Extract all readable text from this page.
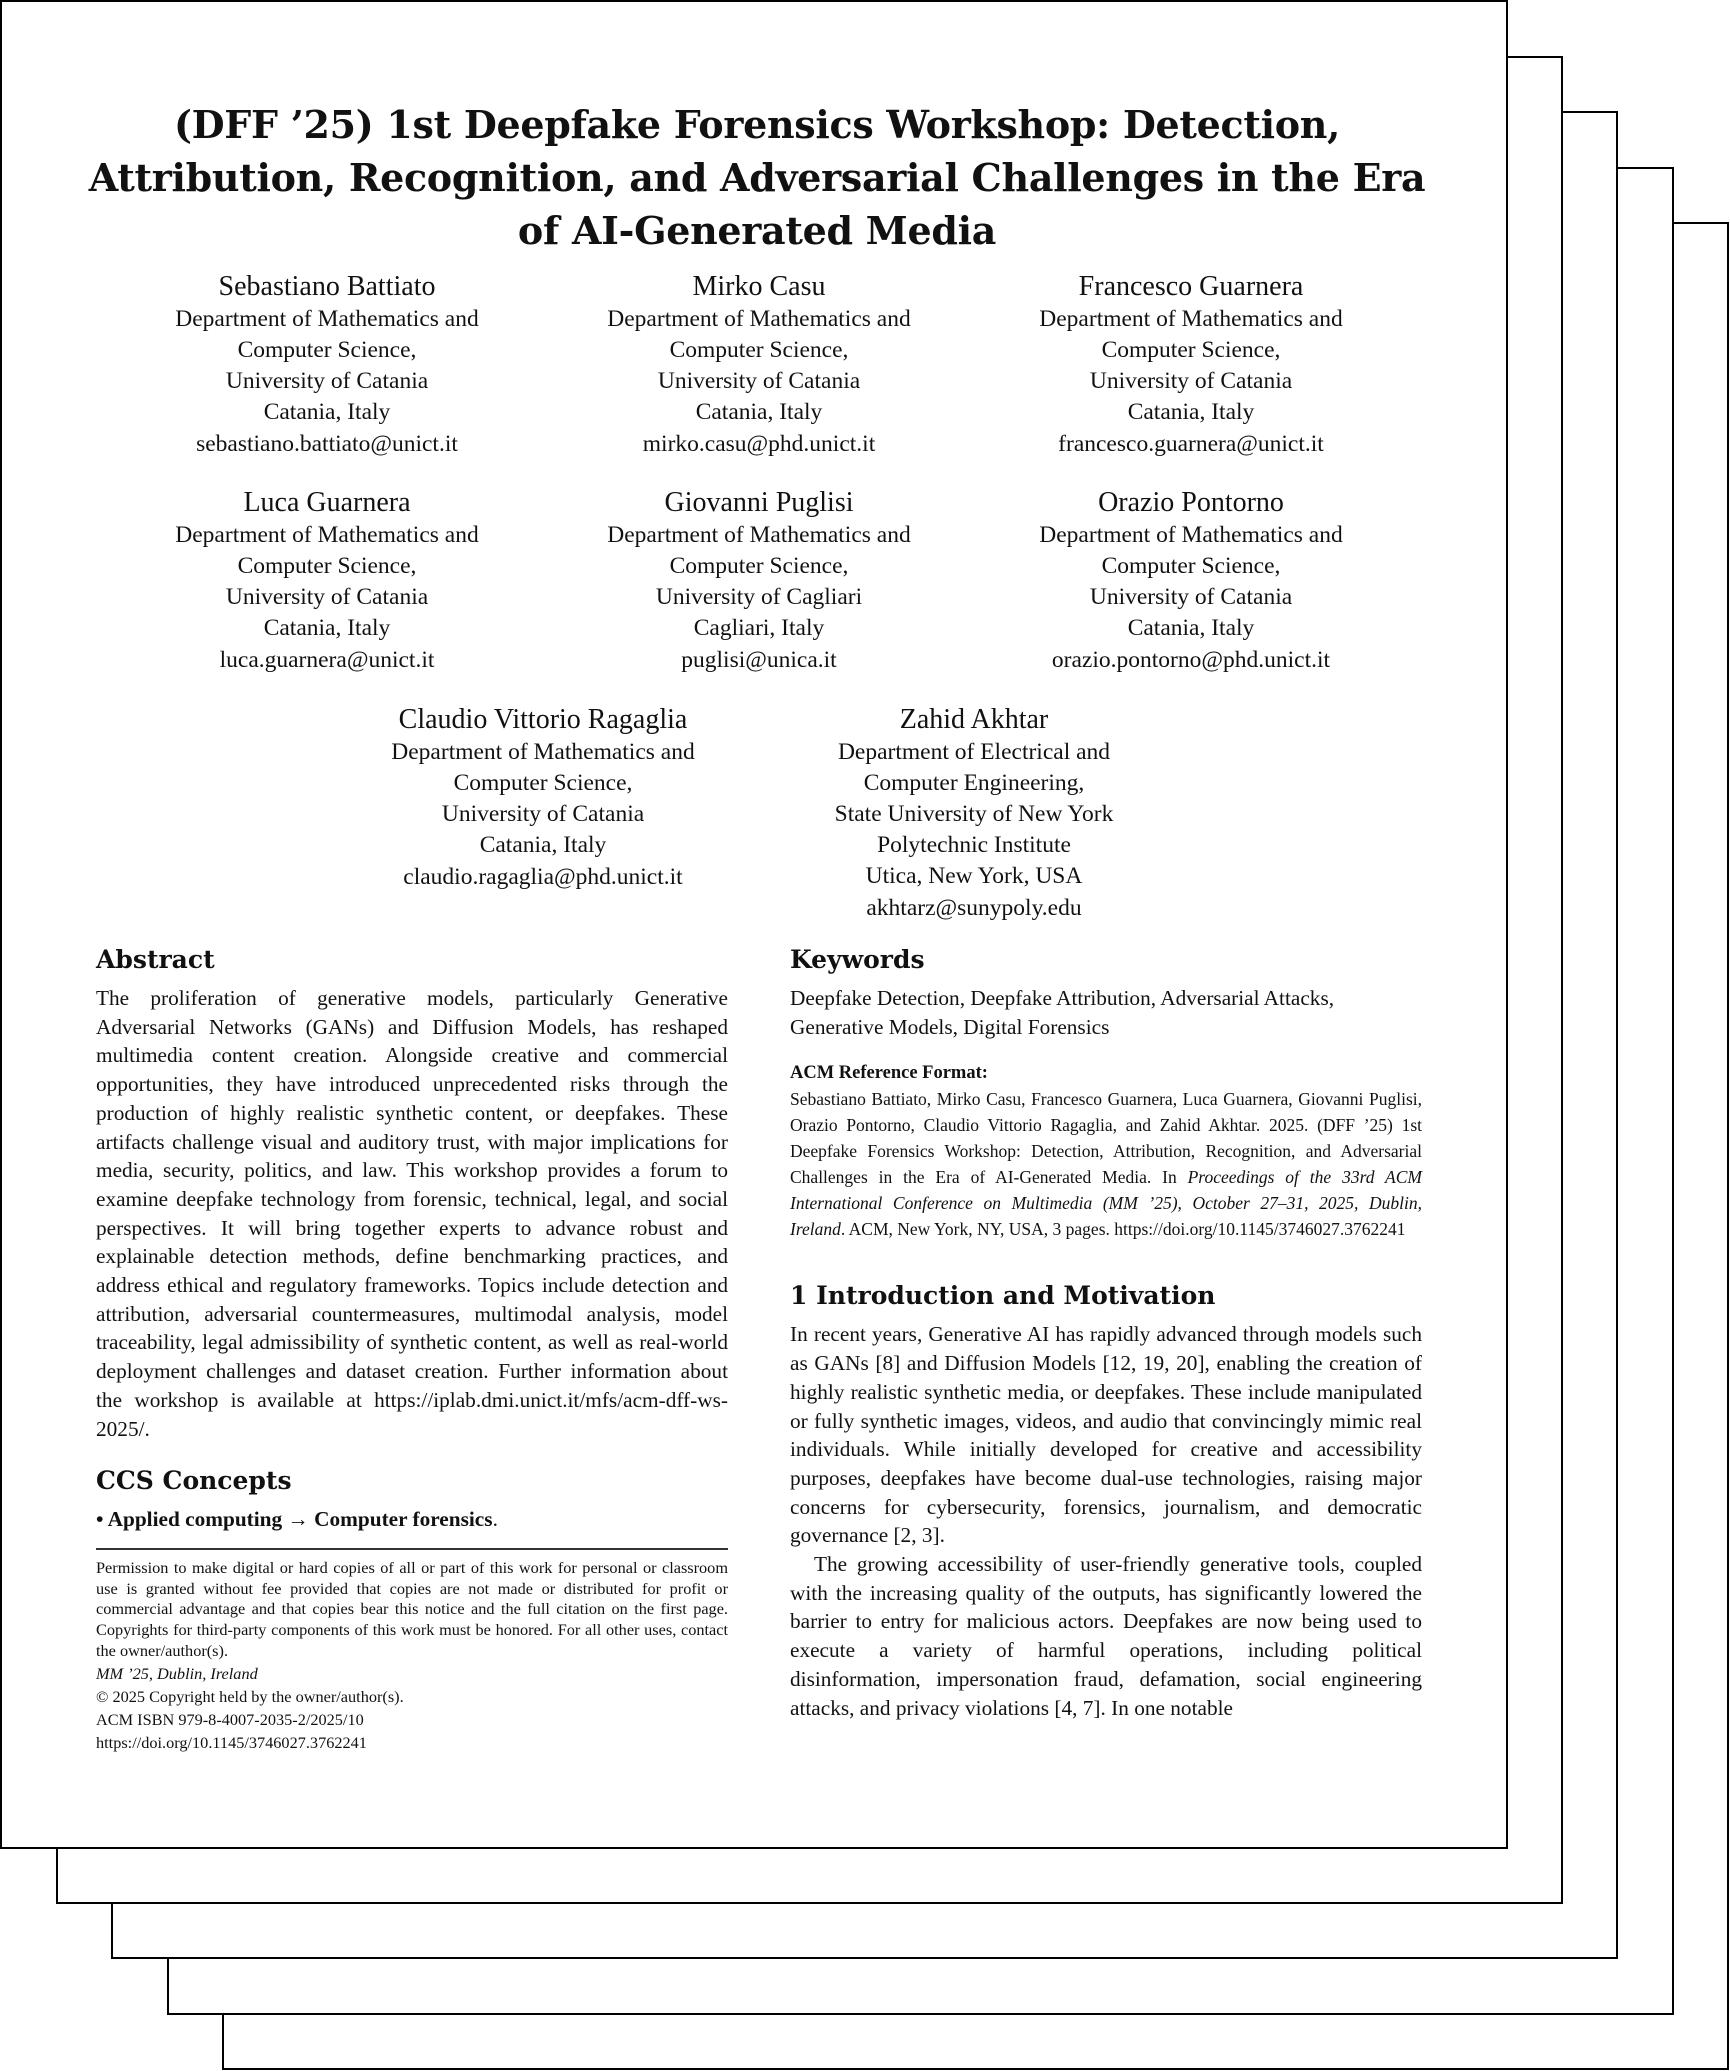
(DFF ’25) 1st Deepfake Forensics Workshop: Detection, Attribution, Recognition, and Adversarial Challenges in the Era of AI-Generated Media
Sebastiano Battiato
Department of Mathematics and
Computer Science,
University of Catania
Catania, Italy
sebastiano.battiato@unict.it
Mirko Casu
Department of Mathematics and
Computer Science,
University of Catania
Catania, Italy
mirko.casu@phd.unict.it
Francesco Guarnera
Department of Mathematics and
Computer Science,
University of Catania
Catania, Italy
francesco.guarnera@unict.it
Luca Guarnera
Department of Mathematics and
Computer Science,
University of Catania
Catania, Italy
luca.guarnera@unict.it
Giovanni Puglisi
Department of Mathematics and
Computer Science,
University of Cagliari
Cagliari, Italy
puglisi@unica.it
Orazio Pontorno
Department of Mathematics and
Computer Science,
University of Catania
Catania, Italy
orazio.pontorno@phd.unict.it
Claudio Vittorio Ragaglia
Department of Mathematics and
Computer Science,
University of Catania
Catania, Italy
claudio.ragaglia@phd.unict.it
Zahid Akhtar
Department of Electrical and
Computer Engineering,
State University of New York
Polytechnic Institute
Utica, New York, USA
akhtarz@sunypoly.edu
Abstract

The proliferation of generative models, particularly Generative Adversarial Networks (GANs) and Diffusion Models, has reshaped multimedia content creation. Alongside creative and commercial opportunities, they have introduced unprecedented risks through the production of highly realistic synthetic content, or deepfakes. These artifacts challenge visual and auditory trust, with major implications for media, security, politics, and law. This workshop provides a forum to examine deepfake technology from forensic, technical, legal, and social perspectives. It will bring together experts to advance robust and explainable detection methods, define benchmarking practices, and address ethical and regulatory frameworks. Topics include detection and attribution, adversarial countermeasures, multimodal analysis, model traceability, legal admissibility of synthetic content, as well as real-world deployment challenges and dataset creation. Further information about the workshop is available at https://iplab.dmi.unict.it/mfs/acm-dff-ws-2025/.

CCS Concepts
• Applied computing → Computer forensics.
Permission to make digital or hard copies of all or part of this work for personal or classroom use is granted without fee provided that copies are not made or distributed for profit or commercial advantage and that copies bear this notice and the full citation on the first page. Copyrights for third-party components of this work must be honored. For all other uses, contact the owner/author(s).
MM ’25, Dublin, Ireland
© 2025 Copyright held by the owner/author(s).
ACM ISBN 979-8-4007-2035-2/2025/10
https://doi.org/10.1145/3746027.3762241
Keywords

Deepfake Detection, Deepfake Attribution, Adversarial Attacks, Generative Models, Digital Forensics

ACM Reference Format:
Sebastiano Battiato, Mirko Casu, Francesco Guarnera, Luca Guarnera, Giovanni Puglisi, Orazio Pontorno, Claudio Vittorio Ragaglia, and Zahid Akhtar. 2025. (DFF ’25) 1st Deepfake Forensics Workshop: Detection, Attribution, Recognition, and Adversarial Challenges in the Era of AI-Generated Media. In Proceedings of the 33rd ACM International Conference on Multimedia (MM ’25), October 27–31, 2025, Dublin, Ireland. ACM, New York, NY, USA, 3 pages. https://doi.org/10.1145/3746027.3762241
1 Introduction and Motivation

In recent years, Generative AI has rapidly advanced through models such as GANs [8] and Diffusion Models [12, 19, 20], enabling the creation of highly realistic synthetic media, or deepfakes. These include manipulated or fully synthetic images, videos, and audio that convincingly mimic real individuals. While initially developed for creative and accessibility purposes, deepfakes have become dual-use technologies, raising major concerns for cybersecurity, forensics, journalism, and democratic governance [2, 3].

The growing accessibility of user-friendly generative tools, coupled with the increasing quality of the outputs, has significantly lowered the barrier to entry for malicious actors. Deepfakes are now being used to execute a variety of harmful operations, including political disinformation, impersonation fraud, defamation, social engineering attacks, and privacy violations [4, 7]. In one notable
